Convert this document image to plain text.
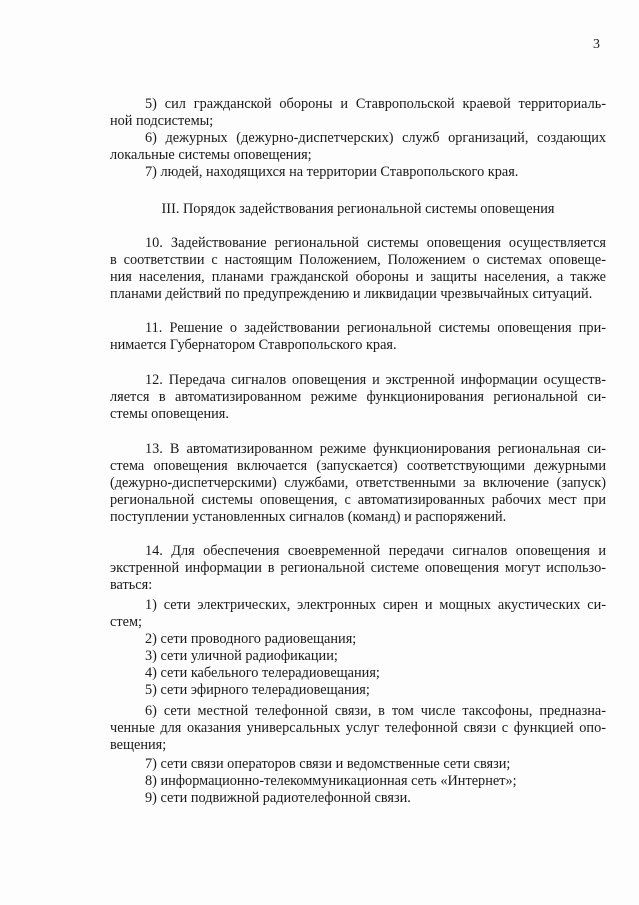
3
5) сил гражданской обороны и Ставропольской краевой территориаль-
ной подсистемы;
6) дежурных (дежурно-диспетчерских) служб организаций, создающих
локальные системы оповещения;
7) людей, находящихся на территории Ставропольского края.
III. Порядок задействования региональной системы оповещения
10. Задействование региональной системы оповещения осуществляется
в соответствии с настоящим Положением, Положением о системах оповеще-
ния населения, планами гражданской обороны и защиты населения, а также
планами действий по предупреждению и ликвидации чрезвычайных ситуаций.
11. Решение о задействовании региональной системы оповещения при-
нимается Губернатором Ставропольского края.
12. Передача сигналов оповещения и экстренной информации осуществ-
ляется в автоматизированном режиме функционирования региональной си-
стемы оповещения.
13. В автоматизированном режиме функционирования региональная си-
стема оповещения включается (запускается) соответствующими дежурными
(дежурно-диспетчерскими) службами, ответственными за включение (запуск)
региональной системы оповещения, с автоматизированных рабочих мест при
поступлении установленных сигналов (команд) и распоряжений.
14. Для обеспечения своевременной передачи сигналов оповещения и
экстренной информации в региональной системе оповещения могут использо-
ваться:
1) сети электрических, электронных сирен и мощных акустических си-
стем;
2) сети проводного радиовещания;
3) сети уличной радиофикации;
4) сети кабельного телерадиовещания;
5) сети эфирного телерадиовещания;
6) сети местной телефонной связи, в том числе таксофоны, предназна-
ченные для оказания универсальных услуг телефонной связи с функцией опо-
вещения;
7) сети связи операторов связи и ведомственные сети связи;
8) информационно-телекоммуникационная сеть «Интернет»;
9) сети подвижной радиотелефонной связи.
